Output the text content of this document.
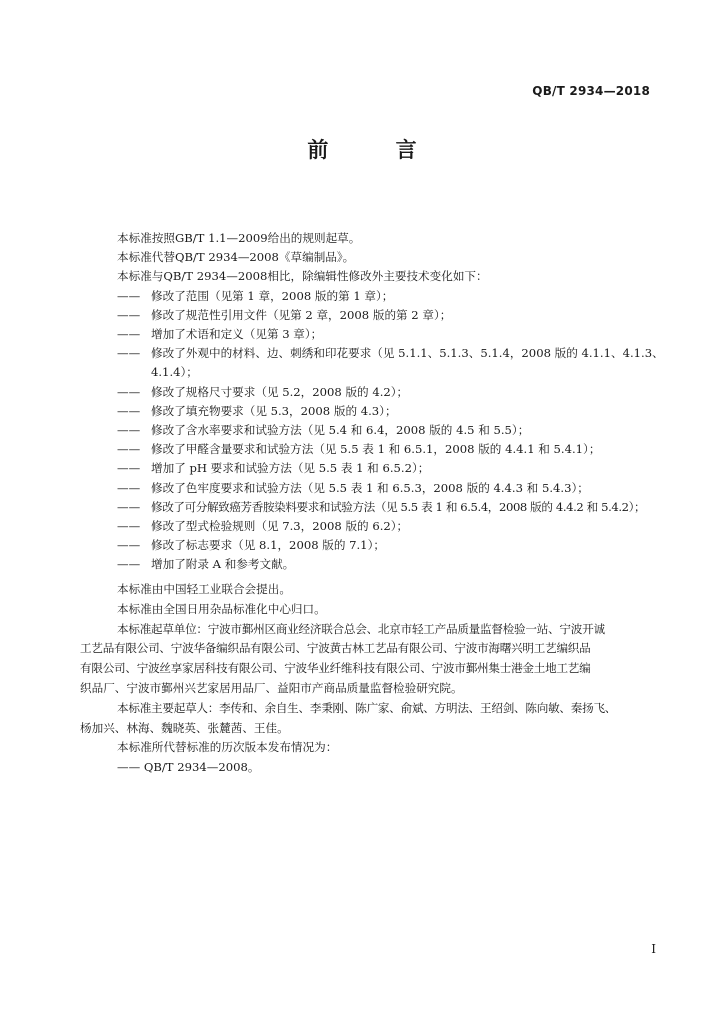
QB/T 2934—2018
前 言
本标准按照GB/T 1.1—2009给出的规则起草。
本标准代替QB/T 2934—2008《草编制品》。
本标准与QB/T 2934—2008相比，除编辑性修改外主要技术变化如下：
—— 修改了范围（见第 1 章，2008 版的第 1 章）；
—— 修改了规范性引用文件（见第 2 章，2008 版的第 2 章）；
—— 增加了术语和定义（见第 3 章）；
—— 修改了外观中的材料、边、刺绣和印花要求（见 5.1.1、5.1.3、5.1.4，2008 版的 4.1.1、4.1.3、
4.1.4）；
—— 修改了规格尺寸要求（见 5.2，2008 版的 4.2）；
—— 修改了填充物要求（见 5.3，2008 版的 4.3）；
—— 修改了含水率要求和试验方法（见 5.4 和 6.4，2008 版的 4.5 和 5.5）；
—— 修改了甲醛含量要求和试验方法（见 5.5 表 1 和 6.5.1，2008 版的 4.4.1 和 5.4.1）；
—— 增加了 pH 要求和试验方法（见 5.5 表 1 和 6.5.2）；
—— 修改了色牢度要求和试验方法（见 5.5 表 1 和 6.5.3，2008 版的 4.4.3 和 5.4.3）；
—— 修改了可分解致癌芳香胺染料要求和试验方法（见 5.5 表 1 和 6.5.4，2008 版的 4.4.2 和 5.4.2）；
—— 修改了型式检验规则（见 7.3，2008 版的 6.2）；
—— 修改了标志要求（见 8.1，2008 版的 7.1）；
—— 增加了附录 A 和参考文献。
本标准由中国轻工业联合会提出。
本标准由全国日用杂品标准化中心归口。
本标准起草单位：宁波市鄞州区商业经济联合总会、北京市轻工产品质量监督检验一站、宁波开诚
工艺品有限公司、宁波华备编织品有限公司、宁波黄古林工艺品有限公司、宁波市海曙兴明工艺编织品
有限公司、宁波丝享家居科技有限公司、宁波华业纤维科技有限公司、宁波市鄞州集士港金土地工艺编
织品厂、宁波市鄞州兴艺家居用品厂、益阳市产商品质量监督检验研究院。
本标准主要起草人：李传和、余自生、李秉刚、陈广家、俞斌、方明法、王绍剑、陈向敏、秦扬飞、
杨加兴、林海、魏晓英、张麓茜、王佳。
本标准所代替标准的历次版本发布情况为：
—— QB/T 2934—2008。
I
